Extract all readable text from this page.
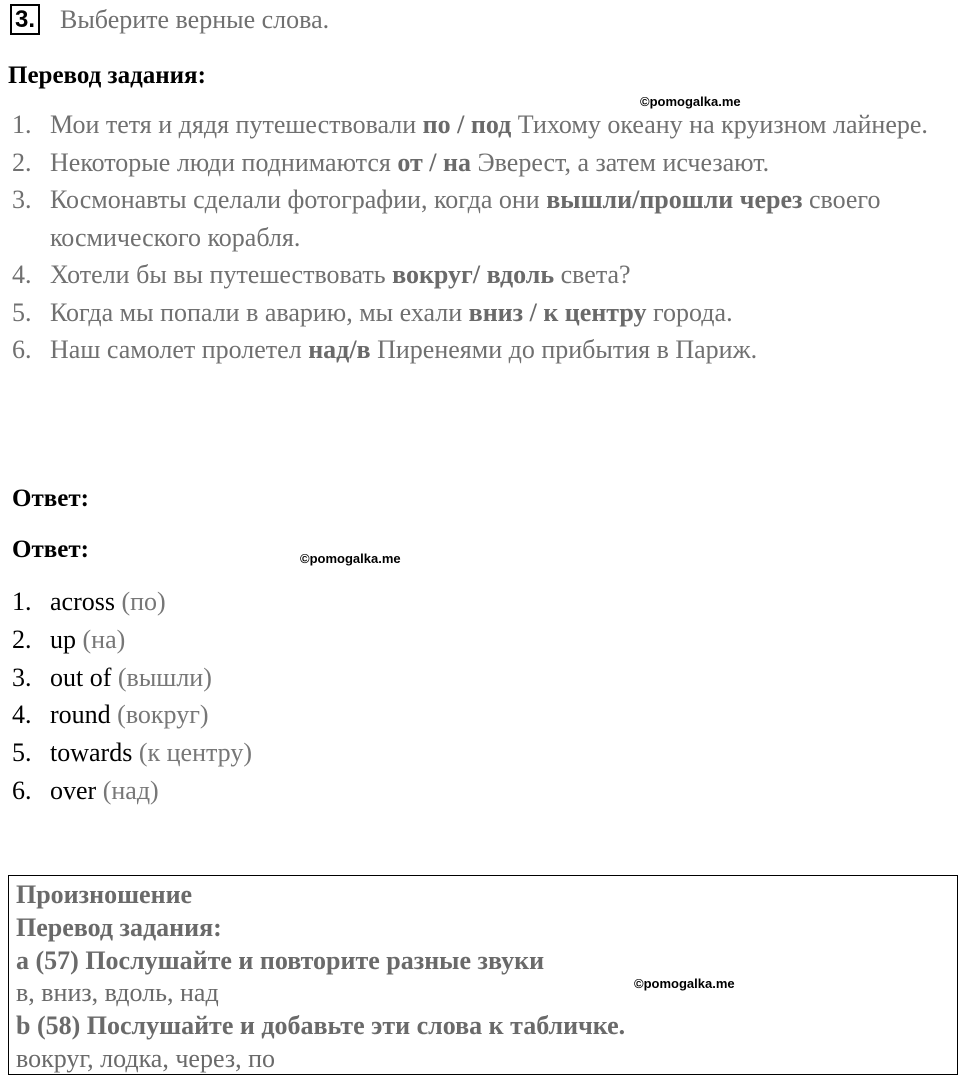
3. Выберите верные слова.
Перевод задания:
©pomogalka.me
1. Мои тетя и дядя путешествовали по / под Тихому океану на круизном лайнере.
2. Некоторые люди поднимаются от / на Эверест, а затем исчезают.
3. Космонавты сделали фотографии, когда они вышли/прошли через своего космического корабля.
4. Хотели бы вы путешествовать вокруг/ вдоль света?
5. Когда мы попали в аварию, мы ехали вниз / к центру города.
6. Наш самолет пролетел над/в Пиренеями до прибытия в Париж.
Ответ:
Ответ:	©pomogalka.me
1. across (по)
2. up (на)
3. out of (вышли)
4. round (вокруг)
5. towards (к центру)
6. over (над)
Произношение
Перевод задания:
a (57) Послушайте и повторите разные звуки
в, вниз, вдоль, над
b (58) Послушайте и добавьте эти слова к табличке.
вокруг, лодка, через, по
©pomogalka.me
